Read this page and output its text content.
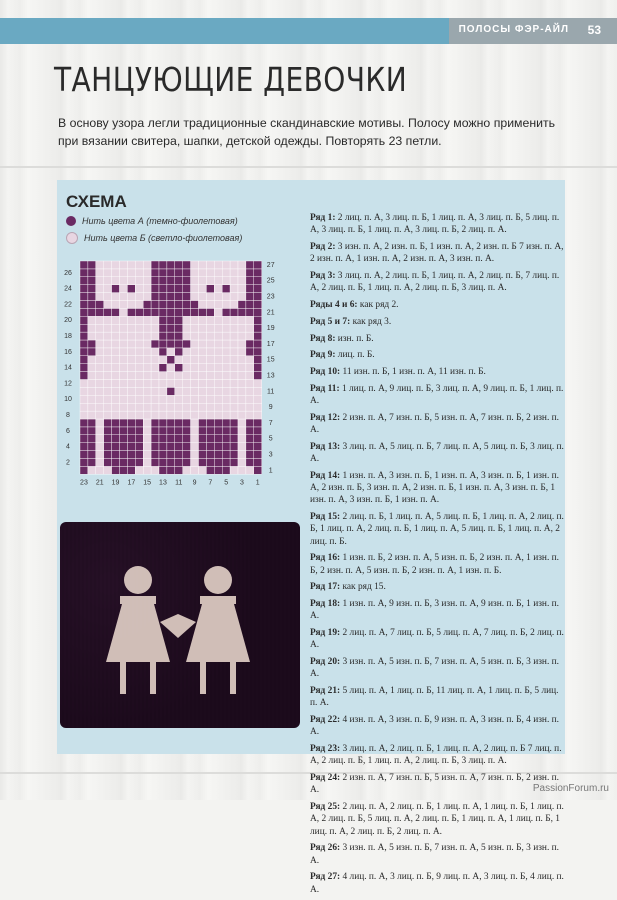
ПОЛОСЫ ФЭР-АЙЛ 53
ТАНЦУЮЩИЕ ДЕВОЧКИ
В основу узора легли традиционные скандинавские мотивы. Полосу можно применить при вязании свитера, шапки, детской одежды. Повторять 23 петли.
СХЕМА
Нить цвета А (темно-фиолетовая)
Нить цвета Б (светло-фиолетовая)
26
24
22
20
18
16
14
12
10
8
6
4
2
27
25
23
21
19
17
15
13
11
9
7
5
3
1
23 21 19 17 15 13 11 9 7 5 3 1
Ряд 1: 2 лиц. п. А, 3 лиц. п. Б, 1 лиц. п. А, 3 лиц. п. Б, 5 лиц. п. А, 3 лиц. п. Б, 1 лиц. п. А, 3 лиц. п. Б, 2 лиц. п. А.
Ряд 2: 3 изн. п. А, 2 изн. п. Б, 1 изн. п. А, 2 изн. п. Б 7 изн. п. А, 2 изн. п. А, 1 изн. п. А, 2 изн. п. А, 3 изн. п. А.
Ряд 3: 3 лиц. п. А, 2 лиц. п. Б, 1 лиц. п. А, 2 лиц. п. Б, 7 лиц. п. А, 2 лиц. п. Б, 1 лиц. п. А, 2 лиц. п. Б, 3 лиц. п. А.
Ряды 4 и 6: как ряд 2.
Ряд 5 и 7: как ряд 3.
Ряд 8: изн. п. Б.
Ряд 9: лиц. п. Б.
Ряд 10: 11 изн. п. Б, 1 изн. п. А, 11 изн. п. Б.
Ряд 11: 1 лиц. п. А, 9 лиц. п. Б, 3 лиц. п. А, 9 лиц. п. Б, 1 лиц. п. А.
Ряд 12: 2 изн. п. А, 7 изн. п. Б, 5 изн. п. А, 7 изн. п. Б, 2 изн. п. А.
Ряд 13: 3 лиц. п. А, 5 лиц. п. Б, 7 лиц. п. А, 5 лиц. п. Б, 3 лиц. п. А.
Ряд 14: 1 изн. п. А, 3 изн. п. Б, 1 изн. п. А, 3 изн. п. Б, 1 изн. п. А, 2 изн. п. Б, 3 изн. п. А, 2 изн. п. Б, 1 изн. п. А, 3 изн. п. Б, 1 изн. п. А, 3 изн. п. Б, 1 изн. п. А.
Ряд 15: 2 лиц. п. Б, 1 лиц. п. А, 5 лиц. п. Б, 1 лиц. п. А, 2 лиц. п. Б, 1 лиц. п. А, 2 лиц. п. Б, 1 лиц. п. А, 5 лиц. п. Б, 1 лиц. п. А, 2 лиц. п. Б.
Ряд 16: 1 изн. п. Б, 2 изн. п. А, 5 изн. п. Б, 2 изн. п. А, 1 изн. п. Б, 2 изн. п. А, 5 изн. п. Б, 2 изн. п. А, 1 изн. п. Б.
Ряд 17: как ряд 15.
Ряд 18: 1 изн. п. А, 9 изн. п. Б, 3 изн. п. А, 9 изн. п. Б, 1 изн. п. А.
Ряд 19: 2 лиц. п. А, 7 лиц. п. Б, 5 лиц. п. А, 7 лиц. п. Б, 2 лиц. п. А.
Ряд 20: 3 изн. п. А, 5 изн. п. Б, 7 изн. п. А, 5 изн. п. Б, 3 изн. п. А.
Ряд 21: 5 лиц. п. А, 1 лиц. п. Б, 11 лиц. п. А, 1 лиц. п. Б, 5 лиц. п. А.
Ряд 22: 4 изн. п. А, 3 изн. п. Б, 9 изн. п. А, 3 изн. п. Б, 4 изн. п. А.
Ряд 23: 3 лиц. п. А, 2 лиц. п. Б, 1 лиц. п. А, 2 лиц. п. Б 7 лиц. п. А, 2 лиц. п. Б, 1 лиц. п. А, 2 лиц. п. Б, 3 лиц. п. А.
Ряд 24: 2 изн. п. А, 7 изн. п. Б, 5 изн. п. А, 7 изн. п. Б, 2 изн. п. А.
Ряд 25: 2 лиц. п. А, 2 лиц. п. Б, 1 лиц. п. А, 1 лиц. п. Б, 1 лиц. п. А, 2 лиц. п. Б, 5 лиц. п. А, 2 лиц. п. Б, 1 лиц. п. А, 1 лиц. п. Б, 1 лиц. п. А, 2 лиц. п. Б, 2 лиц. п. А.
Ряд 26: 3 изн. п. А, 5 изн. п. Б, 7 изн. п. А, 5 изн. п. Б, 3 изн. п. А.
Ряд 27: 4 лиц. п. А, 3 лиц. п. Б, 9 лиц. п. А, 3 лиц. п. Б, 4 лиц. п. А.
PassionForum.ru
